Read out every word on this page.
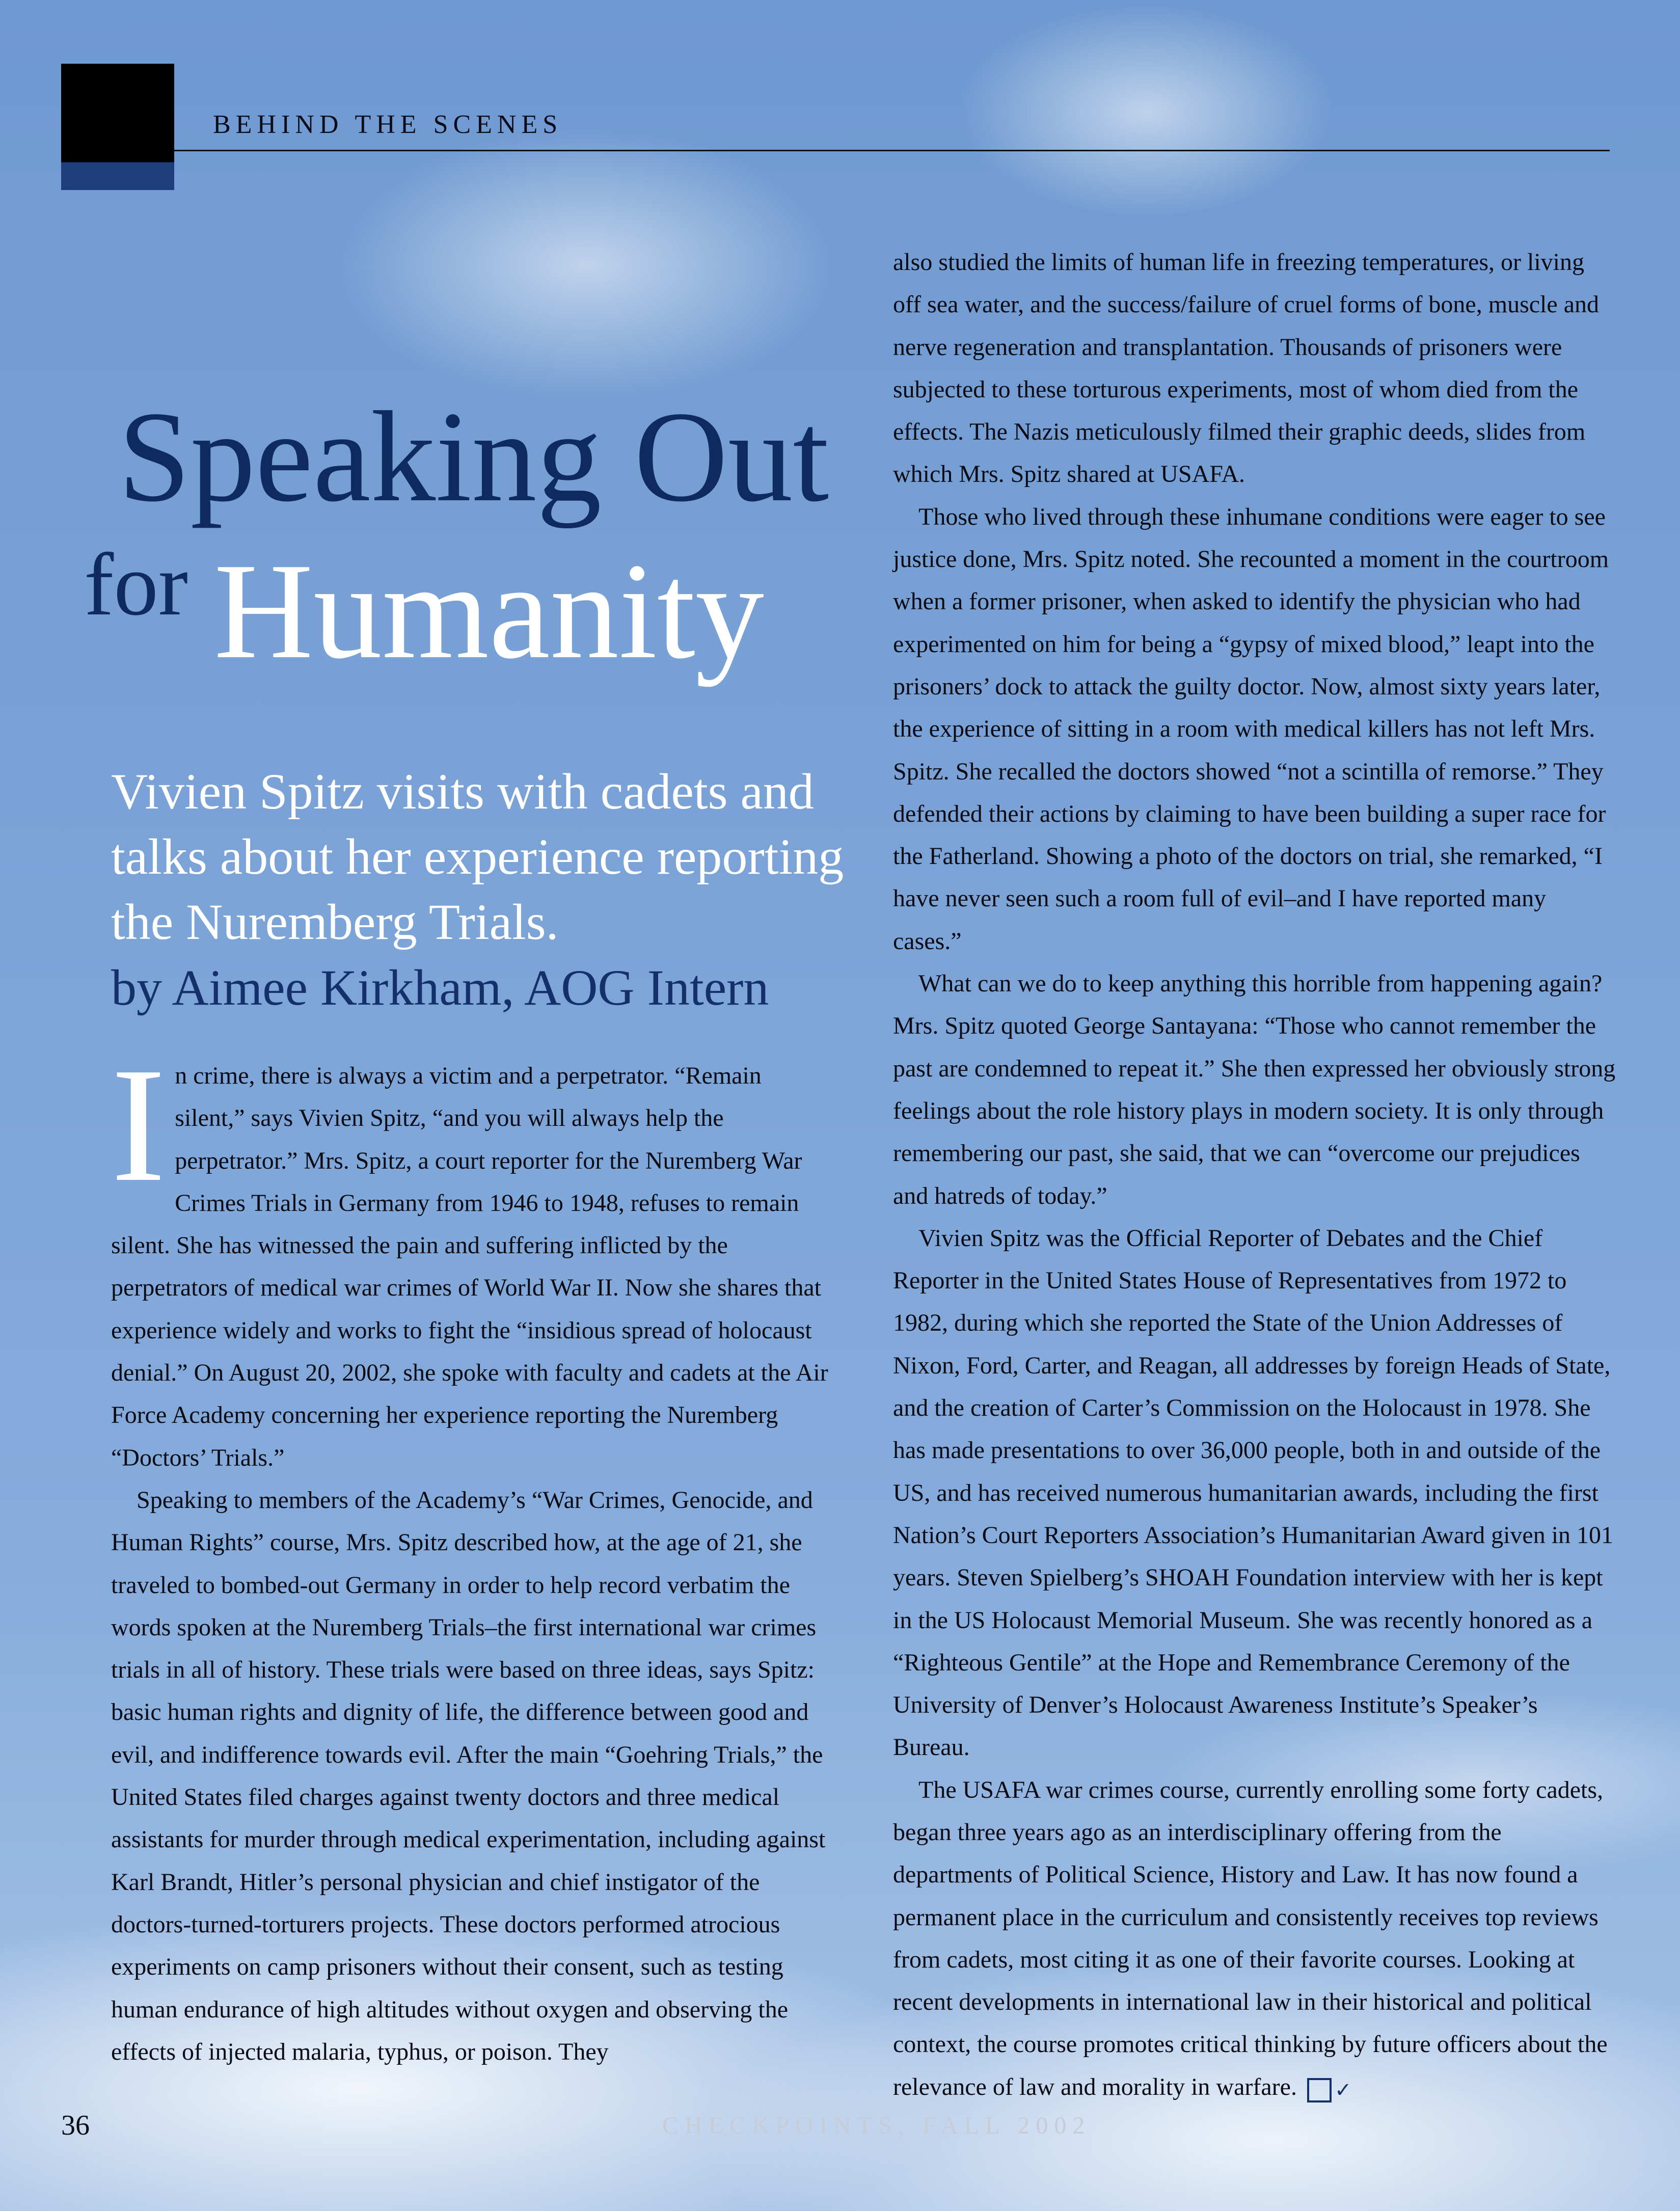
BEHIND THE SCENES
Speaking Out
for Humanity
Vivien Spitz visits with cadets and talks about her experience reporting the Nuremberg Trials.
by Aimee Kirkham, AOG Intern
I n crime, there is always a victim and a perpetrator. “Remain silent,” says Vivien Spitz, “and you will always help the perpetrator.” Mrs. Spitz, a court reporter for the Nuremberg War Crimes Trials in Germany from 1946 to 1948, refuses to remain silent. She has witnessed the pain and suffering inflicted by the perpetrators of medical war crimes of World War II. Now she shares that experience widely and works to fight the “insidious spread of holocaust denial.” On August 20, 2002, she spoke with faculty and cadets at the Air Force Academy concerning her experience reporting the Nuremberg “Doctors’ Trials.”

Speaking to members of the Academy’s “War Crimes, Genocide, and Human Rights” course, Mrs. Spitz described how, at the age of 21, she traveled to bombed-out Germany in order to help record verbatim the words spoken at the Nuremberg Trials–the first international war crimes trials in all of history. These trials were based on three ideas, says Spitz: basic human rights and dignity of life, the difference between good and evil, and indifference towards evil. After the main “Goehring Trials,” the United States filed charges against twenty doctors and three medical assistants for murder through medical experimentation, including against Karl Brandt, Hitler’s personal physician and chief instigator of the doctors-turned-torturers projects. These doctors performed atrocious experiments on camp prisoners without their consent, such as testing human endurance of high altitudes without oxygen and observing the effects of injected malaria, typhus, or poison. They

also studied the limits of human life in freezing temperatures, or living off sea water, and the success/failure of cruel forms of bone, muscle and nerve regeneration and transplantation. Thousands of prisoners were subjected to these torturous experiments, most of whom died from the effects. The Nazis meticulously filmed their graphic deeds, slides from which Mrs. Spitz shared at USAFA.

Those who lived through these inhumane conditions were eager to see justice done, Mrs. Spitz noted. She recounted a moment in the courtroom when a former prisoner, when asked to identify the physician who had experimented on him for being a “gypsy of mixed blood,” leapt into the prisoners’ dock to attack the guilty doctor. Now, almost sixty years later, the experience of sitting in a room with medical killers has not left Mrs. Spitz. She recalled the doctors showed “not a scintilla of remorse.” They defended their actions by claiming to have been building a super race for the Fatherland. Showing a photo of the doctors on trial, she remarked, “I have never seen such a room full of evil–and I have reported many cases.”

What can we do to keep anything this horrible from happening again? Mrs. Spitz quoted George Santayana: “Those who cannot remember the past are condemned to repeat it.” She then expressed her obviously strong feelings about the role history plays in modern society. It is only through remembering our past, she said, that we can “overcome our prejudices and hatreds of today.”

Vivien Spitz was the Official Reporter of Debates and the Chief Reporter in the United States House of Representatives from 1972 to 1982, during which she reported the State of the Union Addresses of Nixon, Ford, Carter, and Reagan, all addresses by foreign Heads of State, and the creation of Carter’s Commission on the Holocaust in 1978. She has made presentations to over 36,000 people, both in and outside of the US, and has received numerous humanitarian awards, including the first Nation’s Court Reporters Association’s Humanitarian Award given in 101 years. Steven Spielberg’s SHOAH Foundation interview with her is kept in the US Holocaust Memorial Museum. She was recently honored as a “Righteous Gentile” at the Hope and Remembrance Ceremony of the University of Denver’s Holocaust Awareness Institute’s Speaker’s Bureau.

The USAFA war crimes course, currently enrolling some forty cadets, began three years ago as an interdisciplinary offering from the departments of Political Science, History and Law. It has now found a permanent place in the curriculum and consistently receives top reviews from cadets, most citing it as one of their favorite courses. Looking at recent developments in international law in their historical and political context, the course promotes critical thinking by future officers about the relevance of law and morality in warfare. ✓

36	CHECKPOINTS, FALL 2002
